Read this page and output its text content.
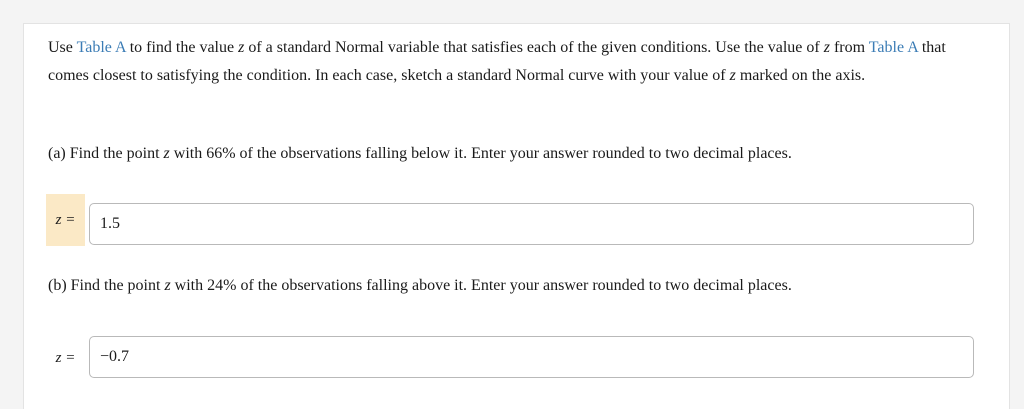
Use Table A to find the value z of a standard Normal variable that satisfies each of the given conditions. Use the value of z from Table A that comes closest to satisfying the condition. In each case, sketch a standard Normal curve with your value of z marked on the axis.

(a) Find the point z with 66% of the observations falling below it. Enter your answer rounded to two decimal places.

z =
1.5

(b) Find the point z with 24% of the observations falling above it. Enter your answer rounded to two decimal places.

z =
−0.7
